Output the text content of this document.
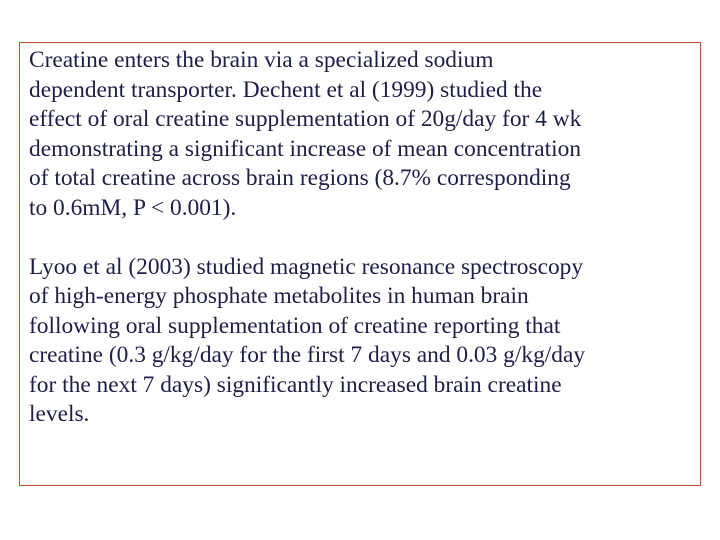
Creatine enters the brain via a specialized sodium
dependent transporter. Dechent et al (1999) studied the
effect of oral creatine supplementation of 20g/day for 4 wk
demonstrating a significant increase of mean concentration
of total creatine across brain regions (8.7% corresponding
to 0.6mM, P < 0.001).

Lyoo et al (2003) studied magnetic resonance spectroscopy
of high-energy phosphate metabolites in human brain
following oral supplementation of creatine reporting that
creatine (0.3 g/kg/day for the first 7 days and 0.03 g/kg/day
for the next 7 days) significantly increased brain creatine
levels.
